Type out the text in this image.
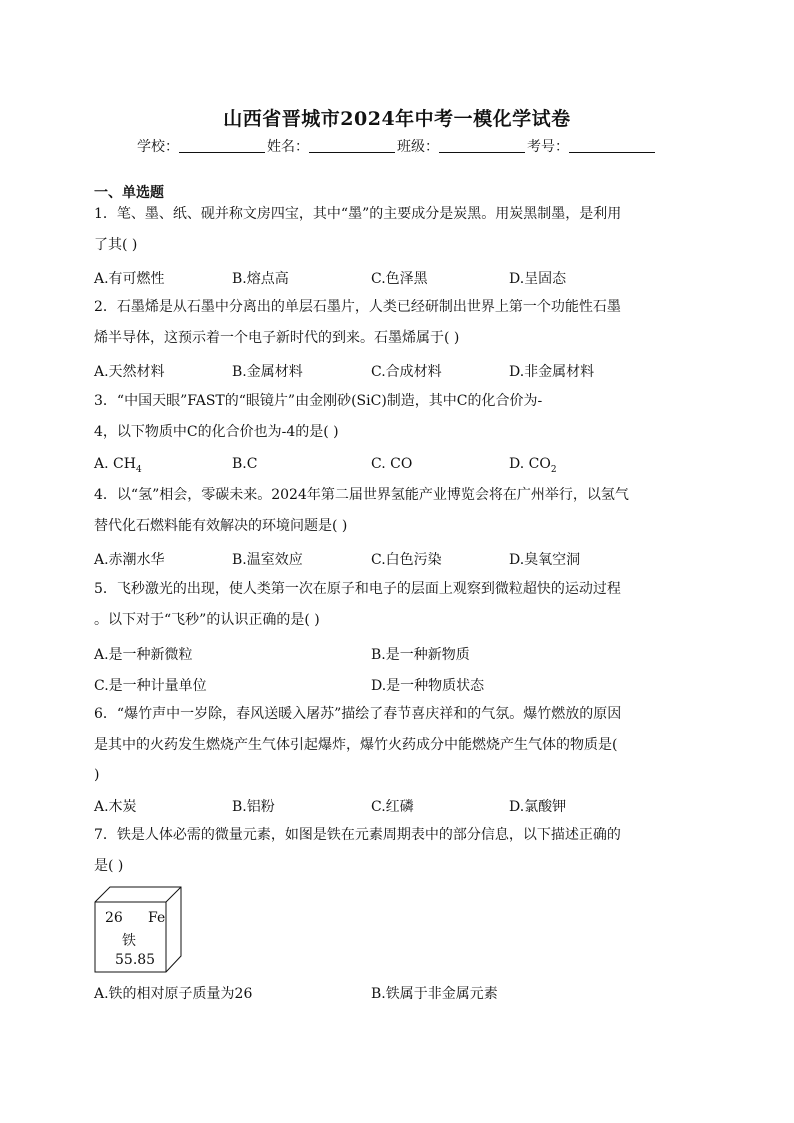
山西省晋城市2024年中考一模化学试卷
学校：	姓名：	班级：	考号：
一、单选题
1．笔、墨、纸、砚并称文房四宝，其中“墨”的主要成分是炭黑。用炭黑制墨，是利用
了其( )
A.有可燃性	B.熔点高	C.色泽黑	D.呈固态
2．石墨烯是从石墨中分离出的单层石墨片，人类已经研制出世界上第一个功能性石墨
烯半导体，这预示着一个电子新时代的到来。石墨烯属于( )
A.天然材料	B.金属材料	C.合成材料	D.非金属材料
3．“中国天眼”FAST的“眼镜片”由金刚砂(SiC)制造，其中C的化合价为-
4，以下物质中C的化合价也为-4的是( )
A. $CH_4$	B.C	C. CO	D. $CO_2$
4．以“氢”相会，零碳未来。2024年第二届世界氢能产业博览会将在广州举行，以氢气
替代化石燃料能有效解决的环境问题是( )
A.赤潮水华	B.温室效应	C.白色污染	D.臭氧空洞
5．飞秒激光的出现，使人类第一次在原子和电子的层面上观察到微粒超快的运动过程
。以下对于“飞秒”的认识正确的是( )
A.是一种新微粒	B.是一种新物质
C.是一种计量单位	D.是一种物质状态
6．“爆竹声中一岁除，春风送暖入屠苏”描绘了春节喜庆祥和的气氛。爆竹燃放的原因
是其中的火药发生燃烧产生气体引起爆炸，爆竹火药成分中能燃烧产生气体的物质是(
)
A.木炭	B.铝粉	C.红磷	D.氯酸钾
7．铁是人体必需的微量元素，如图是铁在元素周期表中的部分信息，以下描述正确的
是( )
26 Fe
铁
55.85
A.铁的相对原子质量为26	B.铁属于非金属元素
